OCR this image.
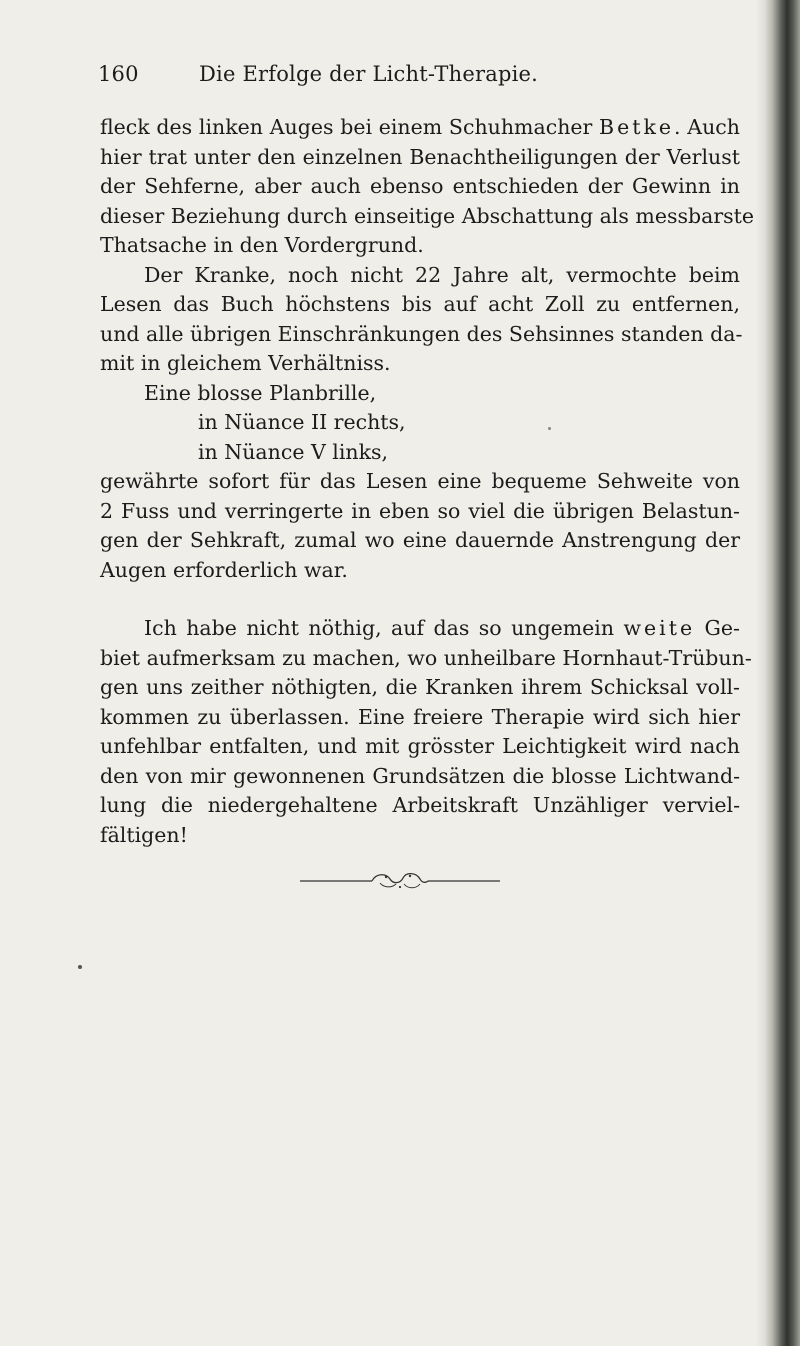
160	Die Erfolge der Licht-Therapie.
fleck des linken Auges bei einem Schuhmacher Betke. Auch
hier trat unter den einzelnen Benachtheiligungen der Verlust
der Sehferne, aber auch ebenso entschieden der Gewinn in
dieser Beziehung durch einseitige Abschattung als messbarste
Thatsache in den Vordergrund.
Der Kranke, noch nicht 22 Jahre alt, vermochte beim
Lesen das Buch höchstens bis auf acht Zoll zu entfernen,
und alle übrigen Einschränkungen des Sehsinnes standen da-
mit in gleichem Verhältniss.
Eine blosse Planbrille,
in Nüance II rechts,
in Nüance V links,
gewährte sofort für das Lesen eine bequeme Sehweite von
2 Fuss und verringerte in eben so viel die übrigen Belastun-
gen der Sehkraft, zumal wo eine dauernde Anstrengung der
Augen erforderlich war.
Ich habe nicht nöthig, auf das so ungemein weite Ge-
biet aufmerksam zu machen, wo unheilbare Hornhaut-Trübun-
gen uns zeither nöthigten, die Kranken ihrem Schicksal voll-
kommen zu überlassen. Eine freiere Therapie wird sich hier
unfehlbar entfalten, und mit grösster Leichtigkeit wird nach
den von mir gewonnenen Grundsätzen die blosse Lichtwand-
lung die niedergehaltene Arbeitskraft Unzähliger verviel-
fältigen!
